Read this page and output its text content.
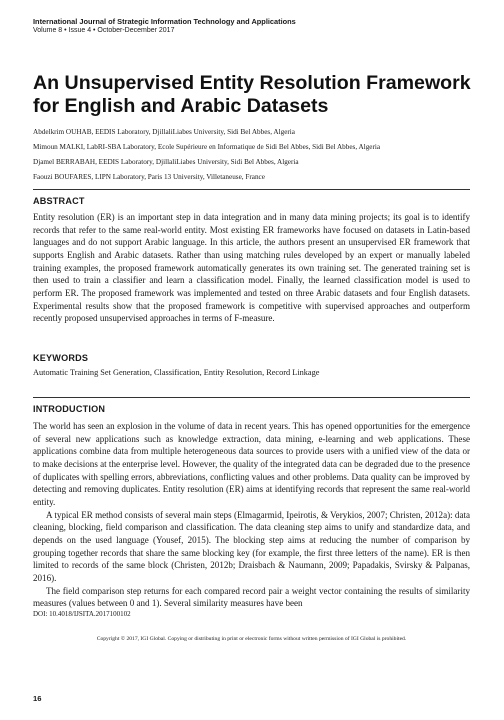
International Journal of Strategic Information Technology and Applications
Volume 8 • Issue 4 • October-December 2017
An Unsupervised Entity Resolution Framework for English and Arabic Datasets
Abdelkrim OUHAB, EEDIS Laboratory, DjillaliLiabes University, Sidi Bel Abbes, Algeria
Mimoun MALKI, LabRI-SBA Laboratory, Ecole Supérieure en Informatique de Sidi Bel Abbes, Sidi Bel Abbes, Algeria
Djamel BERRABAH, EEDIS Laboratory, DjillaliLiabes University, Sidi Bel Abbes, Algeria
Faouzi BOUFARES, LIPN Laboratory, Paris 13 University, Villetaneuse, France
ABSTRACT

Entity resolution (ER) is an important step in data integration and in many data mining projects; its goal is to identify records that refer to the same real-world entity. Most existing ER frameworks have focused on datasets in Latin-based languages and do not support Arabic language. In this article, the authors present an unsupervised ER framework that supports English and Arabic datasets. Rather than using matching rules developed by an expert or manually labeled training examples, the proposed framework automatically generates its own training set. The generated training set is then used to train a classifier and learn a classification model. Finally, the learned classification model is used to perform ER. The proposed framework was implemented and tested on three Arabic datasets and four English datasets. Experimental results show that the proposed framework is competitive with supervised approaches and outperform recently proposed unsupervised approaches in terms of F-measure.

KEYWORDS

Automatic Training Set Generation, Classification, Entity Resolution, Record Linkage

INTRODUCTION

The world has seen an explosion in the volume of data in recent years. This has opened opportunities for the emergence of several new applications such as knowledge extraction, data mining, e-learning and web applications. These applications combine data from multiple heterogeneous data sources to provide users with a unified view of the data or to make decisions at the enterprise level. However, the quality of the integrated data can be degraded due to the presence of duplicates with spelling errors, abbreviations, conflicting values and other problems. Data quality can be improved by detecting and removing duplicates. Entity resolution (ER) aims at identifying records that represent the same real-world entity.

A typical ER method consists of several main steps (Elmagarmid, Ipeirotis, & Verykios, 2007; Christen, 2012a): data cleaning, blocking, field comparison and classification. The data cleaning step aims to unify and standardize data, and depends on the used language (Yousef, 2015). The blocking step aims at reducing the number of comparison by grouping together records that share the same blocking key (for example, the first three letters of the name). ER is then limited to records of the same block (Christen, 2012b; Draisbach & Naumann, 2009; Papadakis, Svirsky & Palpanas, 2016).

The field comparison step returns for each compared record pair a weight vector containing the results of similarity measures (values between 0 and 1). Several similarity measures have been

DOI: 10.4018/IJSITA.2017100102
Copyright © 2017, IGI Global. Copying or distributing in print or electronic forms without written permission of IGI Global is prohibited.
16
